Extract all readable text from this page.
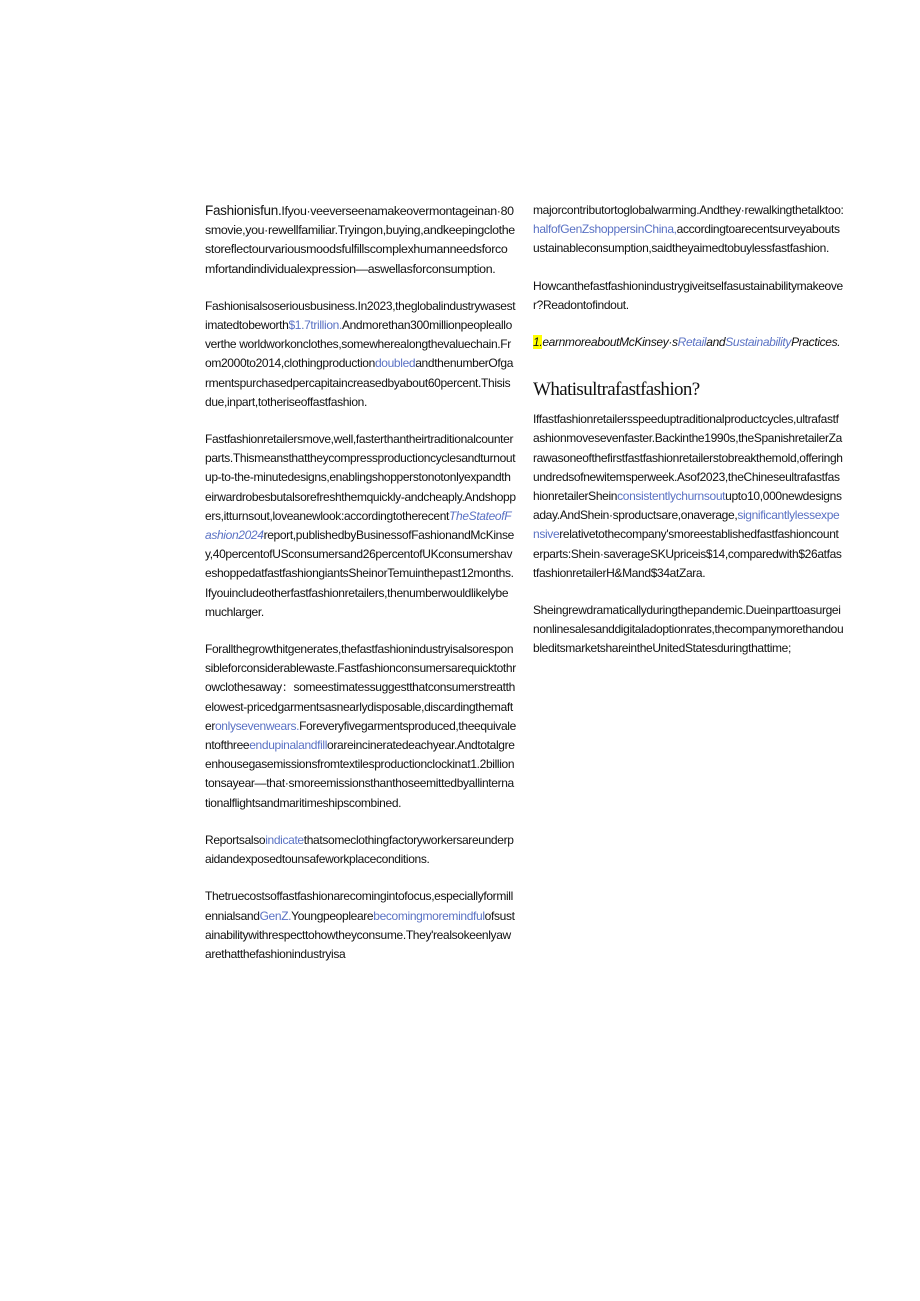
Fashionisfun.Ifyou·veeverseenamakeovermontageinan·80smovie,you·rewellfamiliar.Tryingon,buying,andkeepingclothestoreflectourvariousmoodsfulfillscomplexhumanneedsforcomfortandindividualexpression—aswellasforconsumption.

Fashionisalsoseriousbusiness.In2023,theglobalindustrywasestimatedtobeworth$1.7trillion.Andmorethan300millionpeoplealloverthe worldworkonclothes,somewherealongthevaluechain.From2000to2014,clothingproductiondoubledandthenumberOfgarmentspurchasedpercapitaincreasedbyabout60percent.Thisisdue,inpart,totheriseoffastfashion.

Fastfashionretailersmove,well,fasterthantheirtraditionalcounterparts.Thismeansthattheycompressproductioncyclesandturnoutup-to-the-minutedesigns,enablingshopperstonotonlyexpandtheirwardrobesbutalsorefreshthemquickly-andcheaply.Andshoppers,itturnsout,loveanewlook:accordingtotherecentTheStateofFashion2024report,publishedbyBusinessofFashionandMcKinsey,40percentofUSconsumersand26percentofUKconsumershaveshoppedatfastfashiongiantsSheinorTemuinthepast12months.Ifyouincludeotherfastfashionretailers,thenumberwouldlikelybemuchlarger.

Forallthegrowthitgenerates,thefastfashionindustryisalsoresponsibleforconsiderablewaste.Fastfashionconsumersarequicktothrowclothesaway：someestimatessuggestthatconsumerstreatthelowest-pricedgarmentsasnearlydisposable,discardingthemafteronlysevenwears.Foreveryfivegarmentsproduced,theequivalentofthreeendupinalandfillorareincineratedeachyear.Andtotalgreenhousegasemissionsfromtextilesproductionclockinat1.2billiontonsayear—that·smoreemissionsthanthoseemittedbyallinternationalflightsandmaritimeshipscombined.

Reportsalsoindicatethatsomeclothingfactoryworkersareunderpaidandexposedtounsafeworkplaceconditions.

Thetruecostsoffastfashionarecomingintofocus,especiallyformillennialsandGenZ.Youngpeoplearebecomingmoremindfulofsustainabilitywithrespecttohowtheyconsume.They'realsokeenlyawarethatthefashionindustryisa

majorcontributortoglobalwarming.Andthey·rewalkingthetalktoo:halfofGenZshoppersinChina,accordingtoarecentsurveyaboutsustainableconsumption,saidtheyaimedtobuylessfastfashion.

Howcanthefastfashionindustrygiveitselfasustainabilitymakeover?Readontofindout.

1.earnmoreaboutMcKinsey·sRetailandSustainabilityPractices.

Whatisultrafastfashion?

Iffastfashionretailersspeeduptraditionalproductcycles,ultrafastfashionmovesevenfaster.Backinthe1990s,theSpanishretailerZarawasoneofthefirstfastfashionretailerstobreakthemold,offeringhundredsofnewitemsperweek.Asof2023,theChineseultrafastfashionretailerSheinconsistentlychurnsoutupto10,000newdesignsaday.AndShein·sproductsare,onaverage,significantlylessexpensiverelativetothecompany'smoreestablishedfastfashioncounterparts:Shein·saverageSKUpriceis$14,comparedwith$26atfastfashionretailerH&Mand$34atZara.

Sheingrewdramaticallyduringthepandemic.Dueinparttoasurgeinonlinesalesanddigitaladoptionrates,thecompanymorethandoubleditsmarketshareintheUnitedStatesduringthattime;
